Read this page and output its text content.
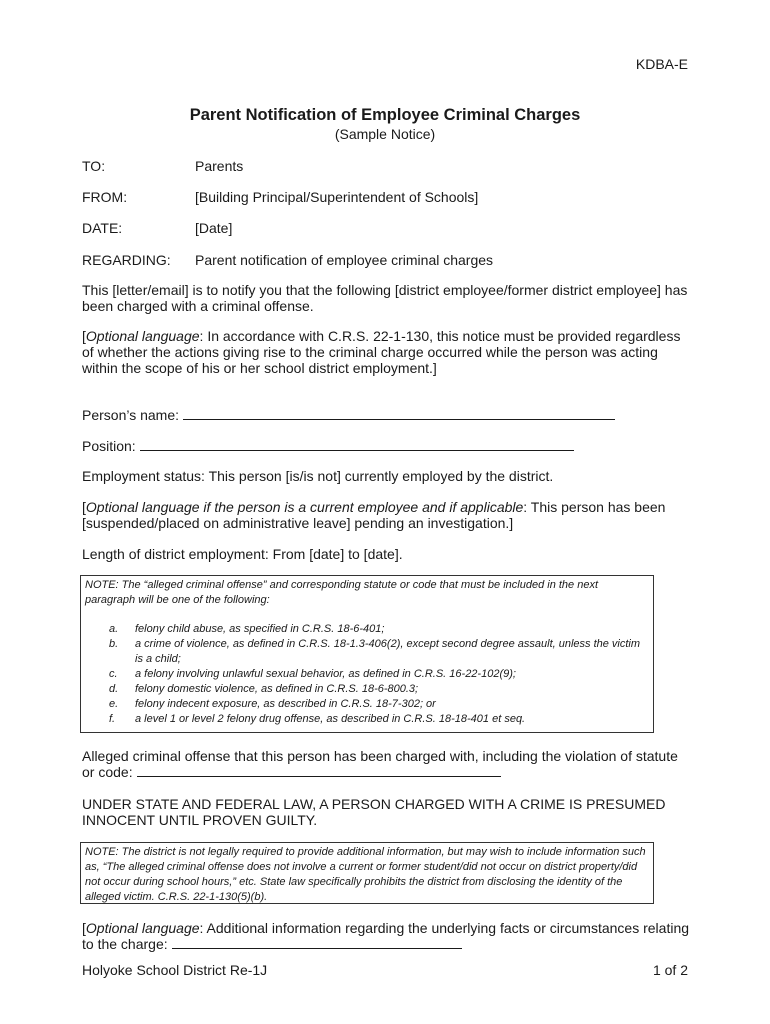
KDBA-E
Parent Notification of Employee Criminal Charges
(Sample Notice)
TO:	Parents
FROM:	[Building Principal/Superintendent of Schools]
DATE:	[Date]
REGARDING: Parent notification of employee criminal charges
This [letter/email] is to notify you that the following [district employee/former district employee] has been charged with a criminal offense.
[Optional language: In accordance with C.R.S. 22-1-130, this notice must be provided regardless of whether the actions giving rise to the criminal charge occurred while the person was acting within the scope of his or her school district employment.]
Person’s name:
Position:
Employment status: This person [is/is not] currently employed by the district.
[Optional language if the person is a current employee and if applicable: This person has been [suspended/placed on administrative leave] pending an investigation.]
Length of district employment: From [date] to [date].
NOTE: The “alleged criminal offense” and corresponding statute or code that must be included in the next paragraph will be one of the following:
a.	felony child abuse, as specified in C.R.S. 18-6-401;
b.	a crime of violence, as defined in C.R.S. 18-1.3-406(2), except second degree assault, unless the victim is a child;
c.	a felony involving unlawful sexual behavior, as defined in C.R.S. 16-22-102(9);
d.	felony domestic violence, as defined in C.R.S. 18-6-800.3;
e.	felony indecent exposure, as described in C.R.S. 18-7-302; or
f.	a level 1 or level 2 felony drug offense, as described in C.R.S. 18-18-401 et seq.
Alleged criminal offense that this person has been charged with, including the violation of statute or code:
UNDER STATE AND FEDERAL LAW, A PERSON CHARGED WITH A CRIME IS PRESUMED INNOCENT UNTIL PROVEN GUILTY.
NOTE: The district is not legally required to provide additional information, but may wish to include information such as, “The alleged criminal offense does not involve a current or former student/did not occur on district property/did not occur during school hours,” etc. State law specifically prohibits the district from disclosing the identity of the alleged victim. C.R.S. 22-1-130(5)(b).
[Optional language: Additional information regarding the underlying facts or circumstances relating to the charge:
Holyoke School District Re-1J	1 of 2
